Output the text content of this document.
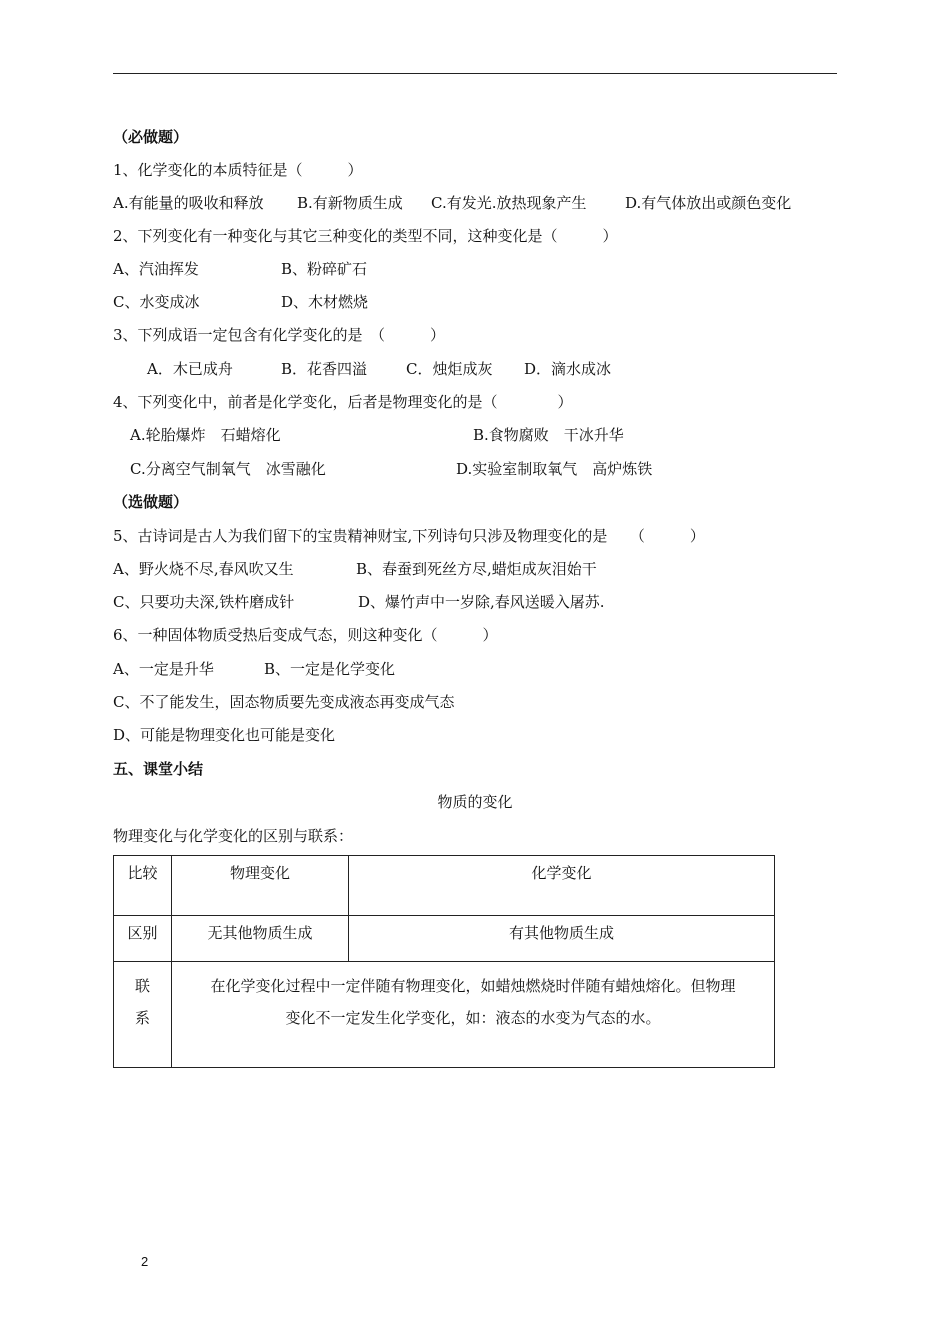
（必做题）
1、化学变化的本质特征是（　　　）
A.有能量的吸收和释放 B.有新物质生成 C.有发光.放热现象产生	D.有气体放出或颜色变化
2、下列变化有一种变化与其它三种变化的类型不同，这种变化是（　　　）
A、汽油挥发	B、粉碎矿石
C、水变成冰	D、木材燃烧
3、下列成语一定包含有化学变化的是　（　　　）
A．木已成舟	B．花香四溢	C．烛炬成灰 D．滴水成冰
4、下列变化中，前者是化学变化，后者是物理变化的是（　　　　）
A.轮胎爆炸　石蜡熔化	B.食物腐败　干冰升华
C.分离空气制氧气　冰雪融化	D.实验室制取氧气　高炉炼铁
（选做题）
5、古诗词是古人为我们留下的宝贵精神财宝,下列诗句只涉及物理变化的是　　（　　　）
A、野火烧不尽,春风吹又生	B、春蚕到死丝方尽,蜡炬成灰泪始干
C、只要功夫深,铁杵磨成针	D、爆竹声中一岁除,春风送暖入屠苏.
6、一种固体物质受热后变成气态，则这种变化（　　　）
A、一定是升华	B、一定是化学变化
C、不了能发生，固态物质要先变成液态再变成气态
D、可能是物理变化也可能是变化
五、课堂小结
物质的变化
物理变化与化学变化的区别与联系：
比较	物理变化	化学变化
区别	无其他物质生成	有其他物质生成

联　系	在化学变化过程中一定伴随有物理变化，如蜡烛燃烧时伴随有蜡烛熔化。但物理
变化不一定发生化学变化，如：液态的水变为气态的水。	
2
